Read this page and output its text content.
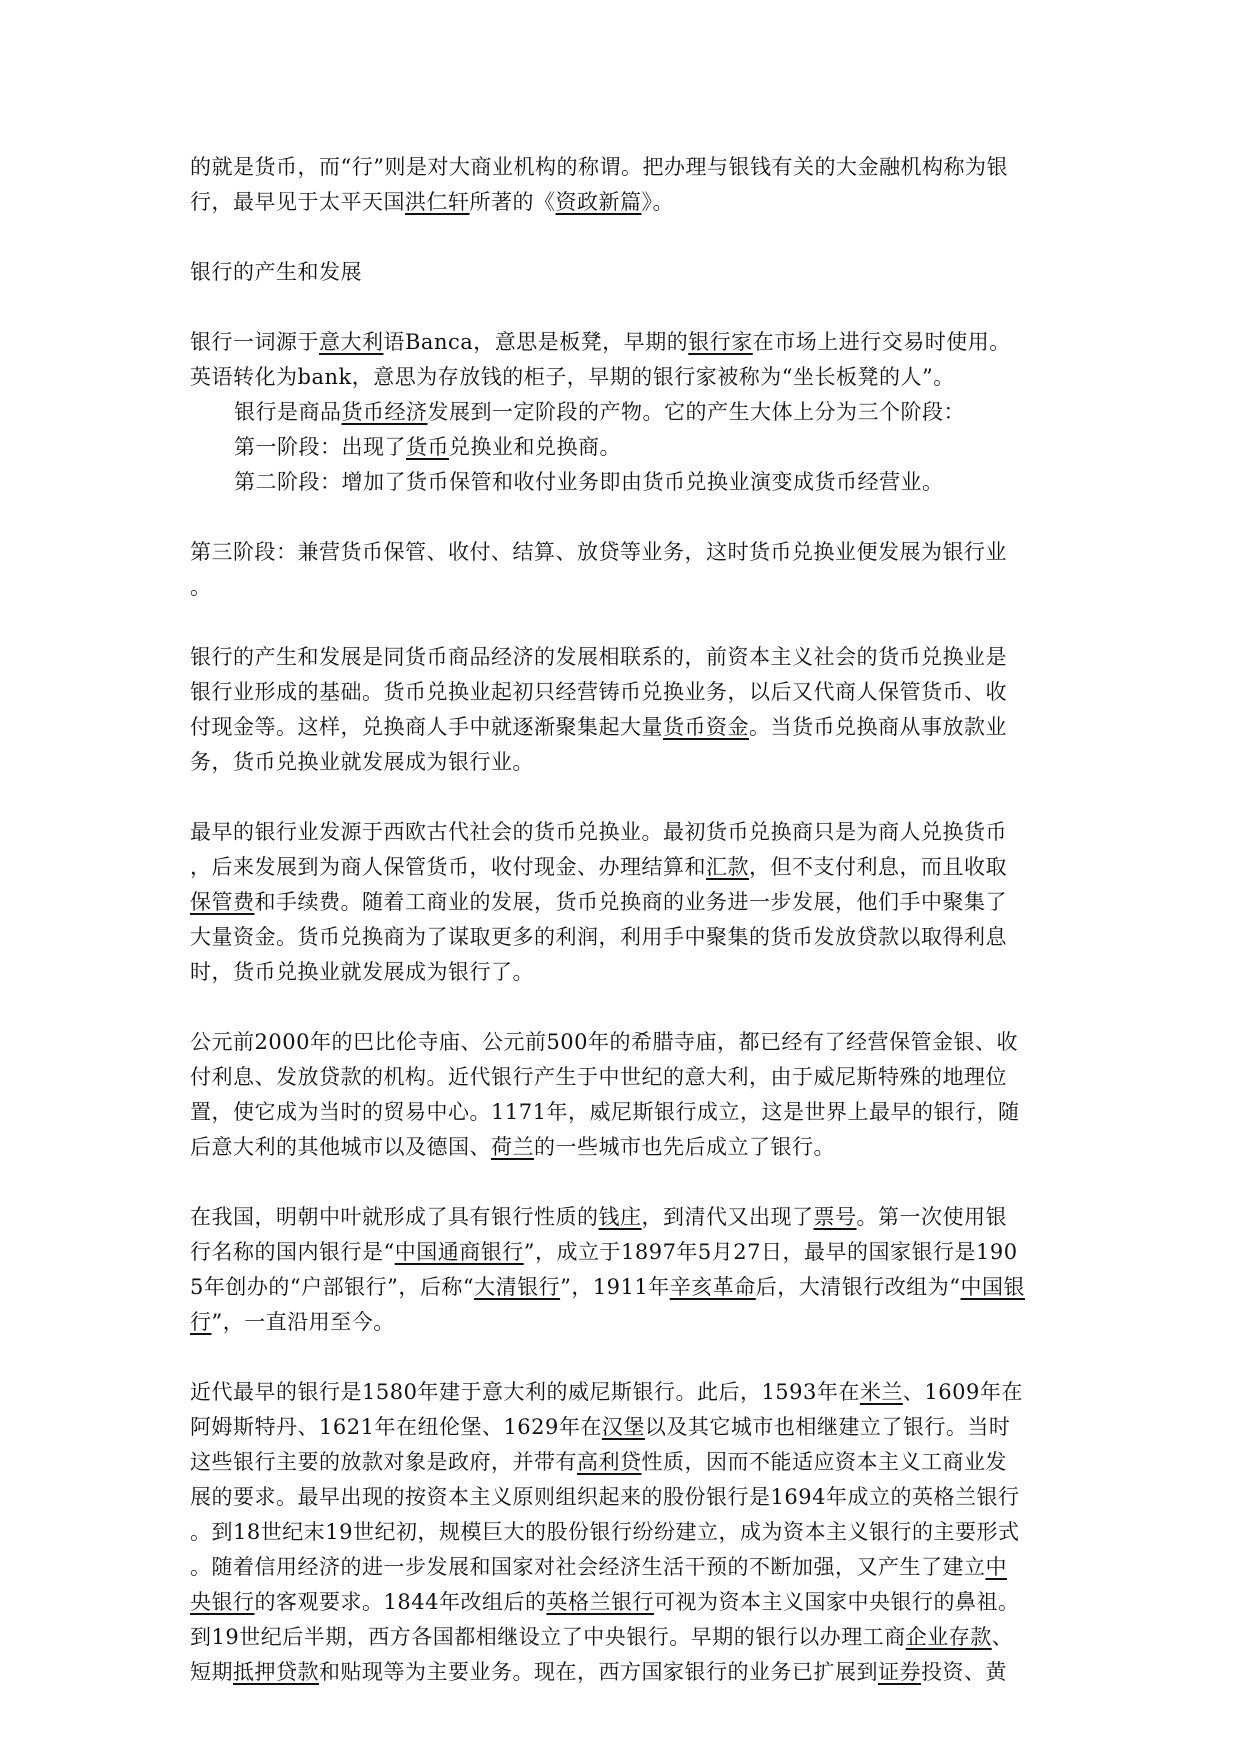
的就是货币，而“行”则是对大商业机构的称谓。把办理与银钱有关的大金融机构称为银
行，最早见于太平天国洪仁轩所著的《资政新篇》。
银行的产生和发展
银行一词源于意大利语Banca，意思是板凳，早期的银行家在市场上进行交易时使用。
英语转化为bank，意思为存放钱的柜子，早期的银行家被称为“坐长板凳的人”。
银行是商品货币经济发展到一定阶段的产物。它的产生大体上分为三个阶段：
第一阶段：出现了货币兑换业和兑换商。
第二阶段：增加了货币保管和收付业务即由货币兑换业演变成货币经营业。
第三阶段：兼营货币保管、收付、结算、放贷等业务，这时货币兑换业便发展为银行业
。
银行的产生和发展是同货币商品经济的发展相联系的，前资本主义社会的货币兑换业是
银行业形成的基础。货币兑换业起初只经营铸币兑换业务，以后又代商人保管货币、收
付现金等。这样，兑换商人手中就逐渐聚集起大量货币资金。当货币兑换商从事放款业
务，货币兑换业就发展成为银行业。
最早的银行业发源于西欧古代社会的货币兑换业。最初货币兑换商只是为商人兑换货币
，后来发展到为商人保管货币，收付现金、办理结算和汇款，但不支付利息，而且收取
保管费和手续费。随着工商业的发展，货币兑换商的业务进一步发展，他们手中聚集了
大量资金。货币兑换商为了谋取更多的利润，利用手中聚集的货币发放贷款以取得利息
时，货币兑换业就发展成为银行了。
公元前2000年的巴比伦寺庙、公元前500年的希腊寺庙，都已经有了经营保管金银、收
付利息、发放贷款的机构。近代银行产生于中世纪的意大利，由于威尼斯特殊的地理位
置，使它成为当时的贸易中心。1171年，威尼斯银行成立，这是世界上最早的银行，随
后意大利的其他城市以及德国、荷兰的一些城市也先后成立了银行。
在我国，明朝中叶就形成了具有银行性质的钱庄，到清代又出现了票号。第一次使用银
行名称的国内银行是“中国通商银行”，成立于1897年5月27日，最早的国家银行是190
5年创办的“户部银行”，后称“大清银行”，1911年辛亥革命后，大清银行改组为“中国银
行”，一直沿用至今。
近代最早的银行是1580年建于意大利的威尼斯银行。此后，1593年在米兰、1609年在
阿姆斯特丹、1621年在纽伦堡、1629年在汉堡以及其它城市也相继建立了银行。当时
这些银行主要的放款对象是政府，并带有高利贷性质，因而不能适应资本主义工商业发
展的要求。最早出现的按资本主义原则组织起来的股份银行是1694年成立的英格兰银行
。到18世纪末19世纪初，规模巨大的股份银行纷纷建立，成为资本主义银行的主要形式
。随着信用经济的进一步发展和国家对社会经济生活干预的不断加强，又产生了建立中
央银行的客观要求。1844年改组后的英格兰银行可视为资本主义国家中央银行的鼻祖。
到19世纪后半期，西方各国都相继设立了中央银行。早期的银行以办理工商企业存款、
短期抵押贷款和贴现等为主要业务。现在，西方国家银行的业务已扩展到证券投资、黄
